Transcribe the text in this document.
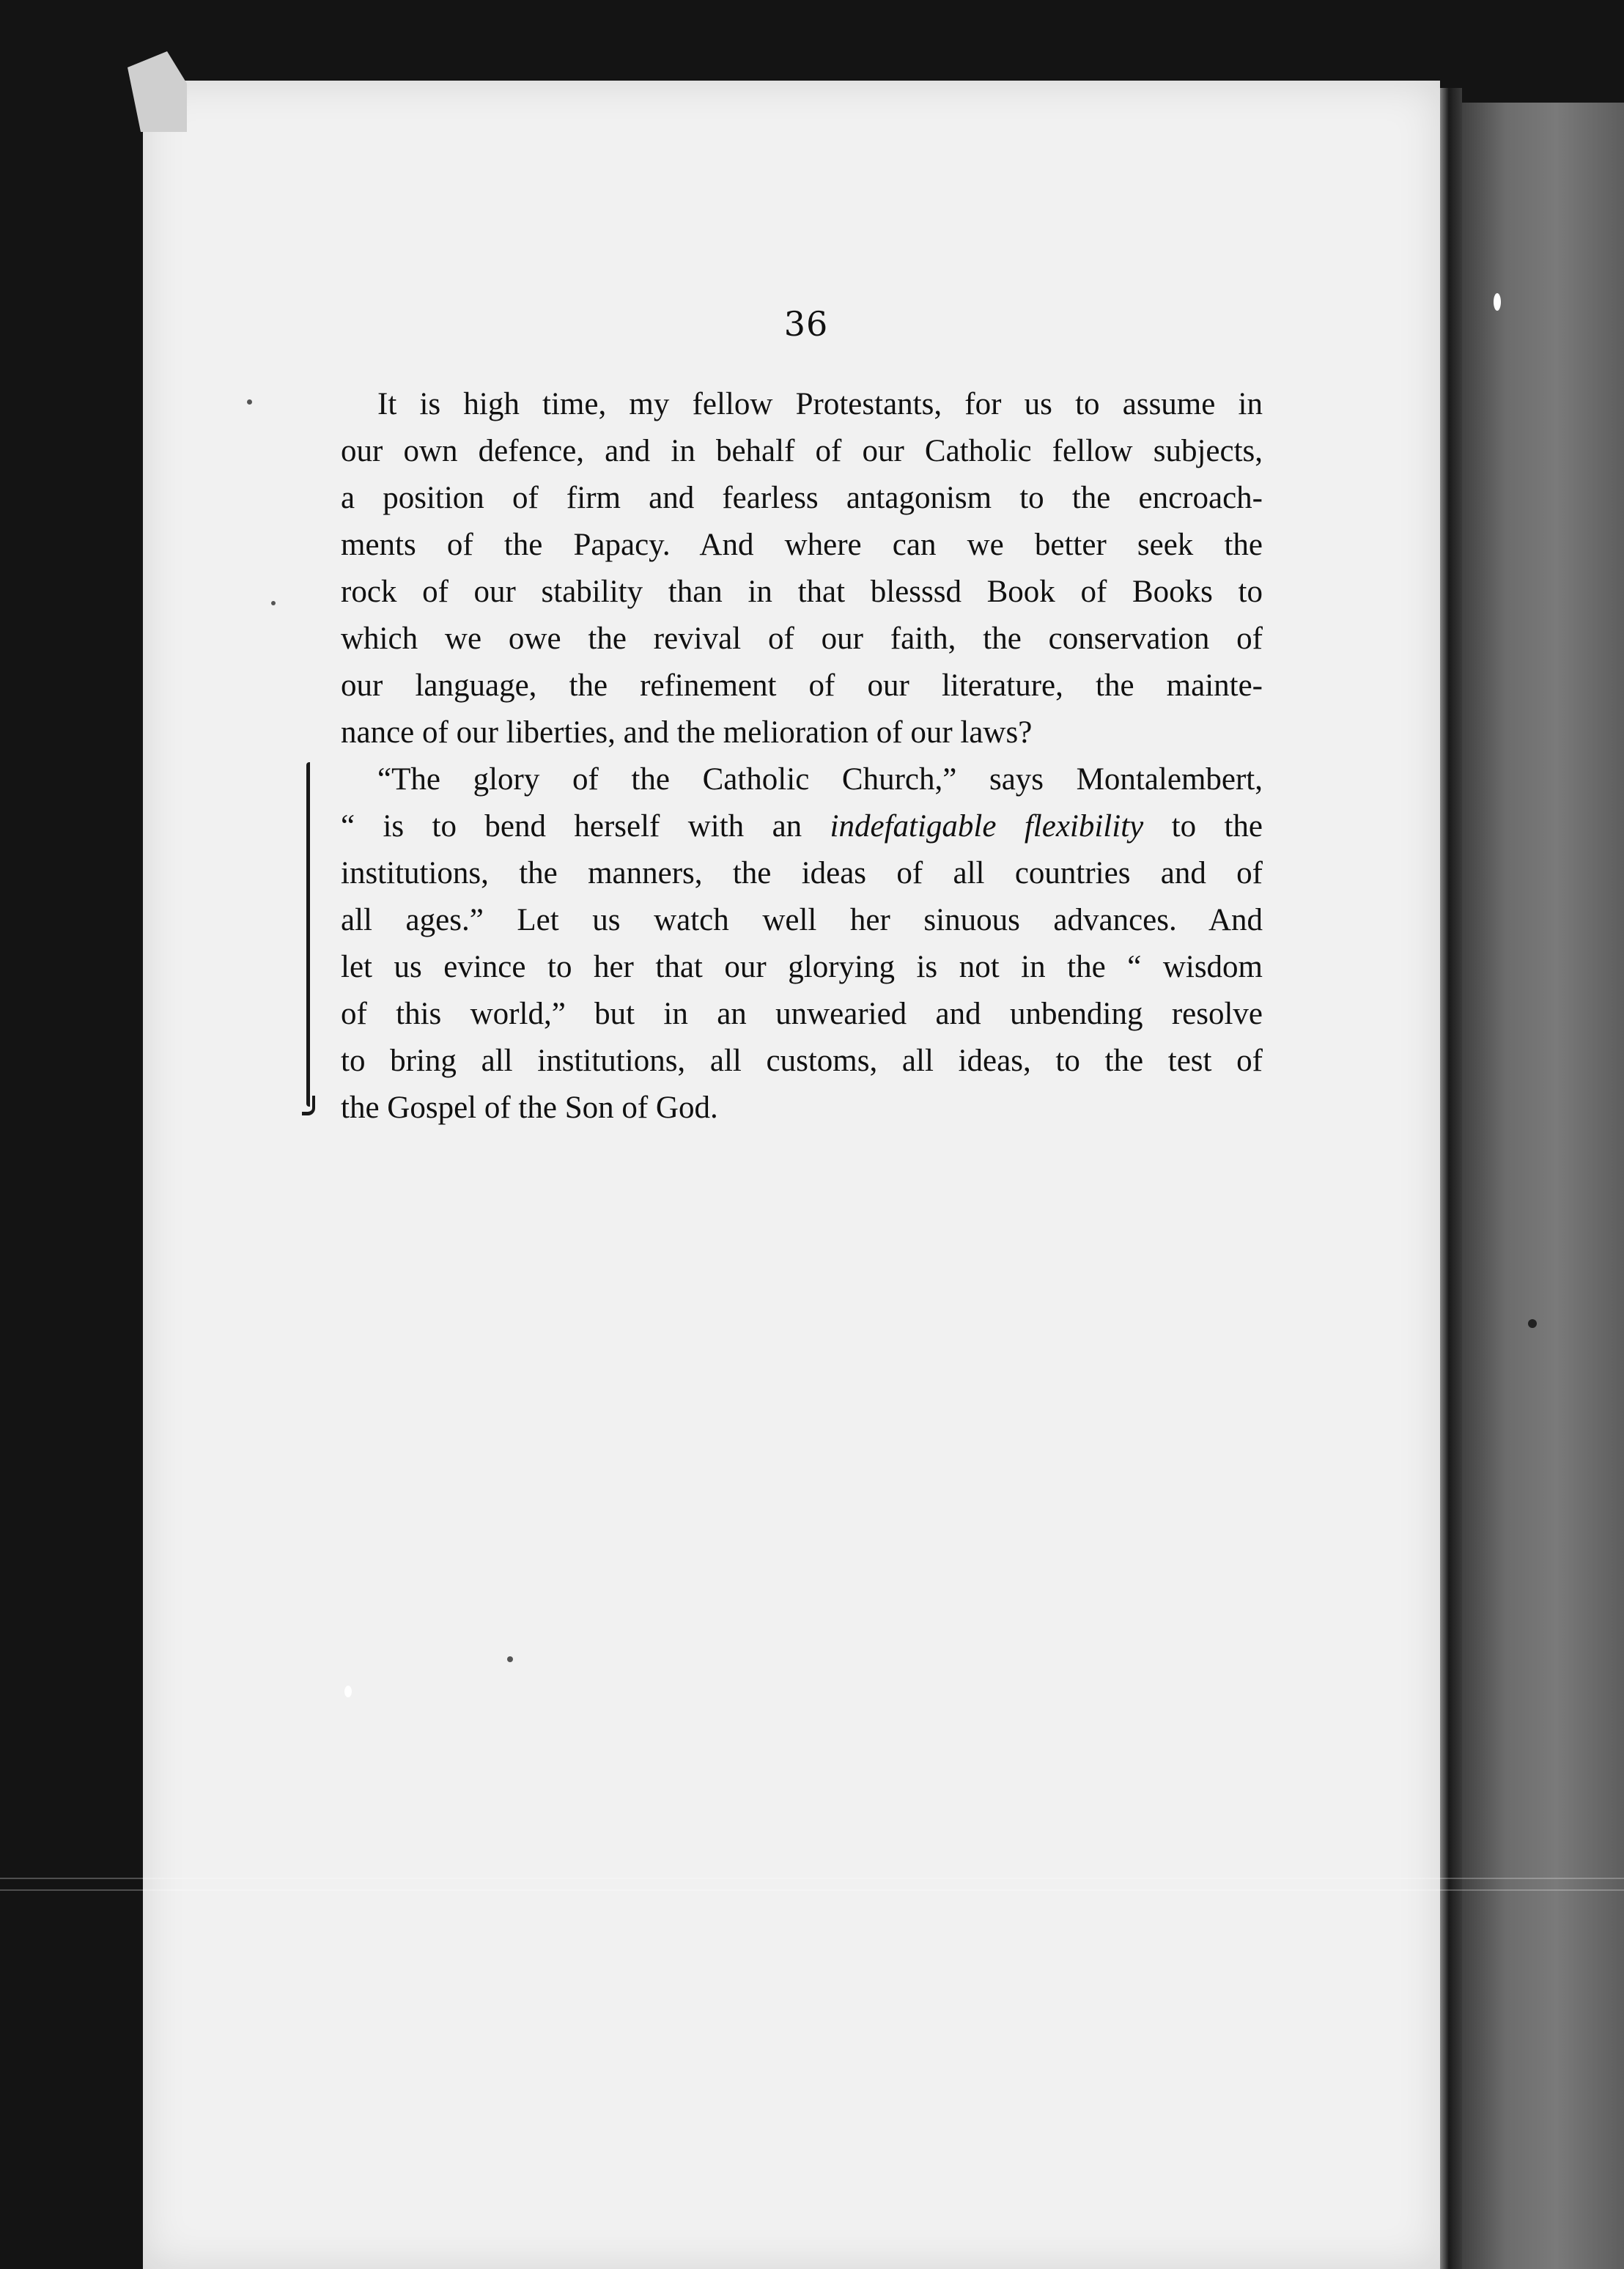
36
It is high time, my fellow Protestants, for us to assume in
our own defence, and in behalf of our Catholic fellow subjects,
a position of firm and fearless antagonism to the encroach-
ments of the Papacy. And where can we better seek the
rock of our stability than in that blesssd Book of Books to
which we owe the revival of our faith, the conservation of
our language, the refinement of our literature, the mainte-
nance of our liberties, and the melioration of our laws?
“The glory of the Catholic Church,” says Montalembert,
“ is to bend herself with an indefatigable flexibility to the
institutions, the manners, the ideas of all countries and of
all ages.” Let us watch well her sinuous advances. And
let us evince to her that our glorying is not in the “ wisdom
of this world,” but in an unwearied and unbending resolve
to bring all institutions, all customs, all ideas, to the test of
the Gospel of the Son of God.
